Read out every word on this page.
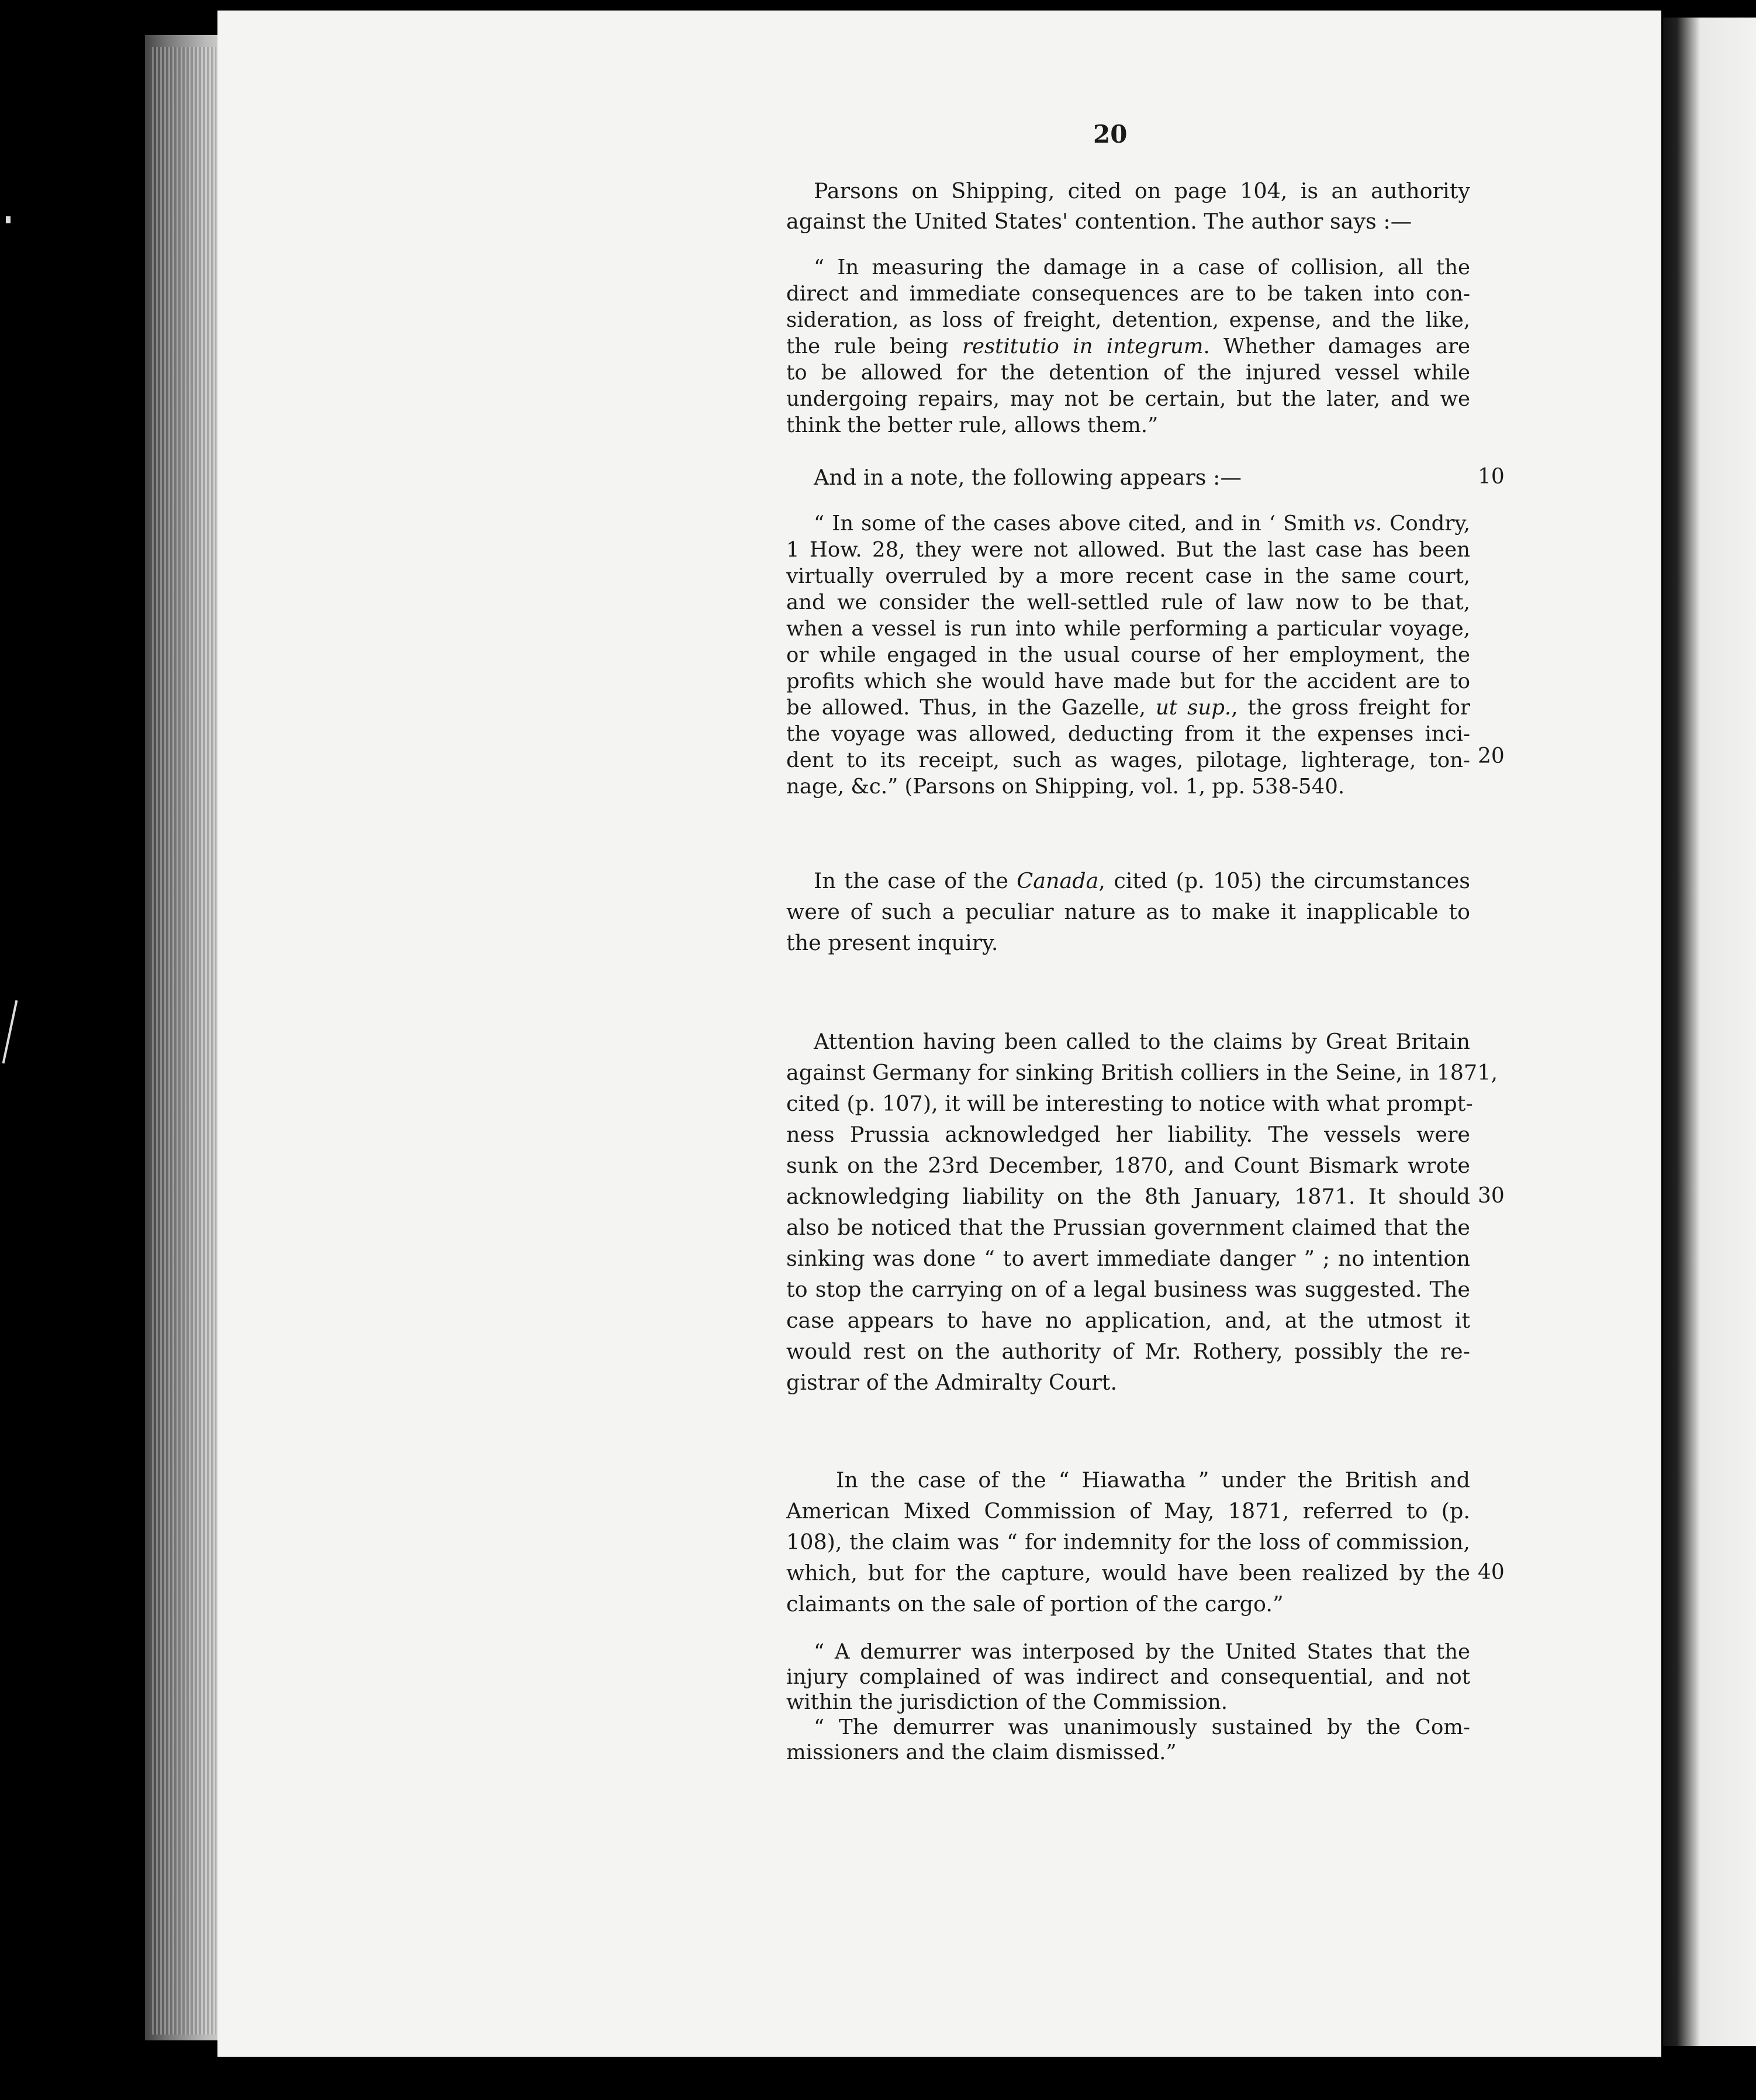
20
Parsons on Shipping, cited on page 104, is an authority
against the United States' contention. The author says :—
“ In measuring the damage in a case of collision, all the
direct and immediate consequences are to be taken into con-
sideration, as loss of freight, detention, expense, and the like,
the rule being restitutio in integrum. Whether damages are
to be allowed for the detention of the injured vessel while
undergoing repairs, may not be certain, but the later, and we
think the better rule, allows them.”
And in a note, the following appears :—	10
“ In some of the cases above cited, and in ‘ Smith vs. Condry,
1 How. 28, they were not allowed. But the last case has been
virtually overruled by a more recent case in the same court,
and we consider the well-settled rule of law now to be that,
when a vessel is run into while performing a particular voyage,
or while engaged in the usual course of her employment, the
profits which she would have made but for the accident are to
be allowed. Thus, in the Gazelle, ut sup., the gross freight for
the voyage was allowed, deducting from it the expenses inci-
dent to its receipt, such as wages, pilotage, lighterage, ton-
nage, &c.” (Parsons on Shipping, vol. 1, pp. 538-540.
20
In the case of the Canada, cited (p. 105) the circumstances
were of such a peculiar nature as to make it inapplicable to
the present inquiry.
Attention having been called to the claims by Great Britain
against Germany for sinking British colliers in the Seine, in 1871,
cited (p. 107), it will be interesting to notice with what prompt-
ness Prussia acknowledged her liability. The vessels were
sunk on the 23rd December, 1870, and Count Bismark wrote
acknowledging liability on the 8th January, 1871. It should
also be noticed that the Prussian government claimed that the
sinking was done “ to avert immediate danger ” ; no intention
to stop the carrying on of a legal business was suggested. The
case appears to have no application, and, at the utmost it
would rest on the authority of Mr. Rothery, possibly the re-
gistrar of the Admiralty Court.
30
In the case of the “ Hiawatha ” under the British and
American Mixed Commission of May, 1871, referred to (p.
108), the claim was “ for indemnity for the loss of commission,
which, but for the capture, would have been realized by the
claimants on the sale of portion of the cargo.”
40
“ A demurrer was interposed by the United States that the
injury complained of was indirect and consequential, and not
within the jurisdiction of the Commission.
“ The demurrer was unanimously sustained by the Com-
missioners and the claim dismissed.”
